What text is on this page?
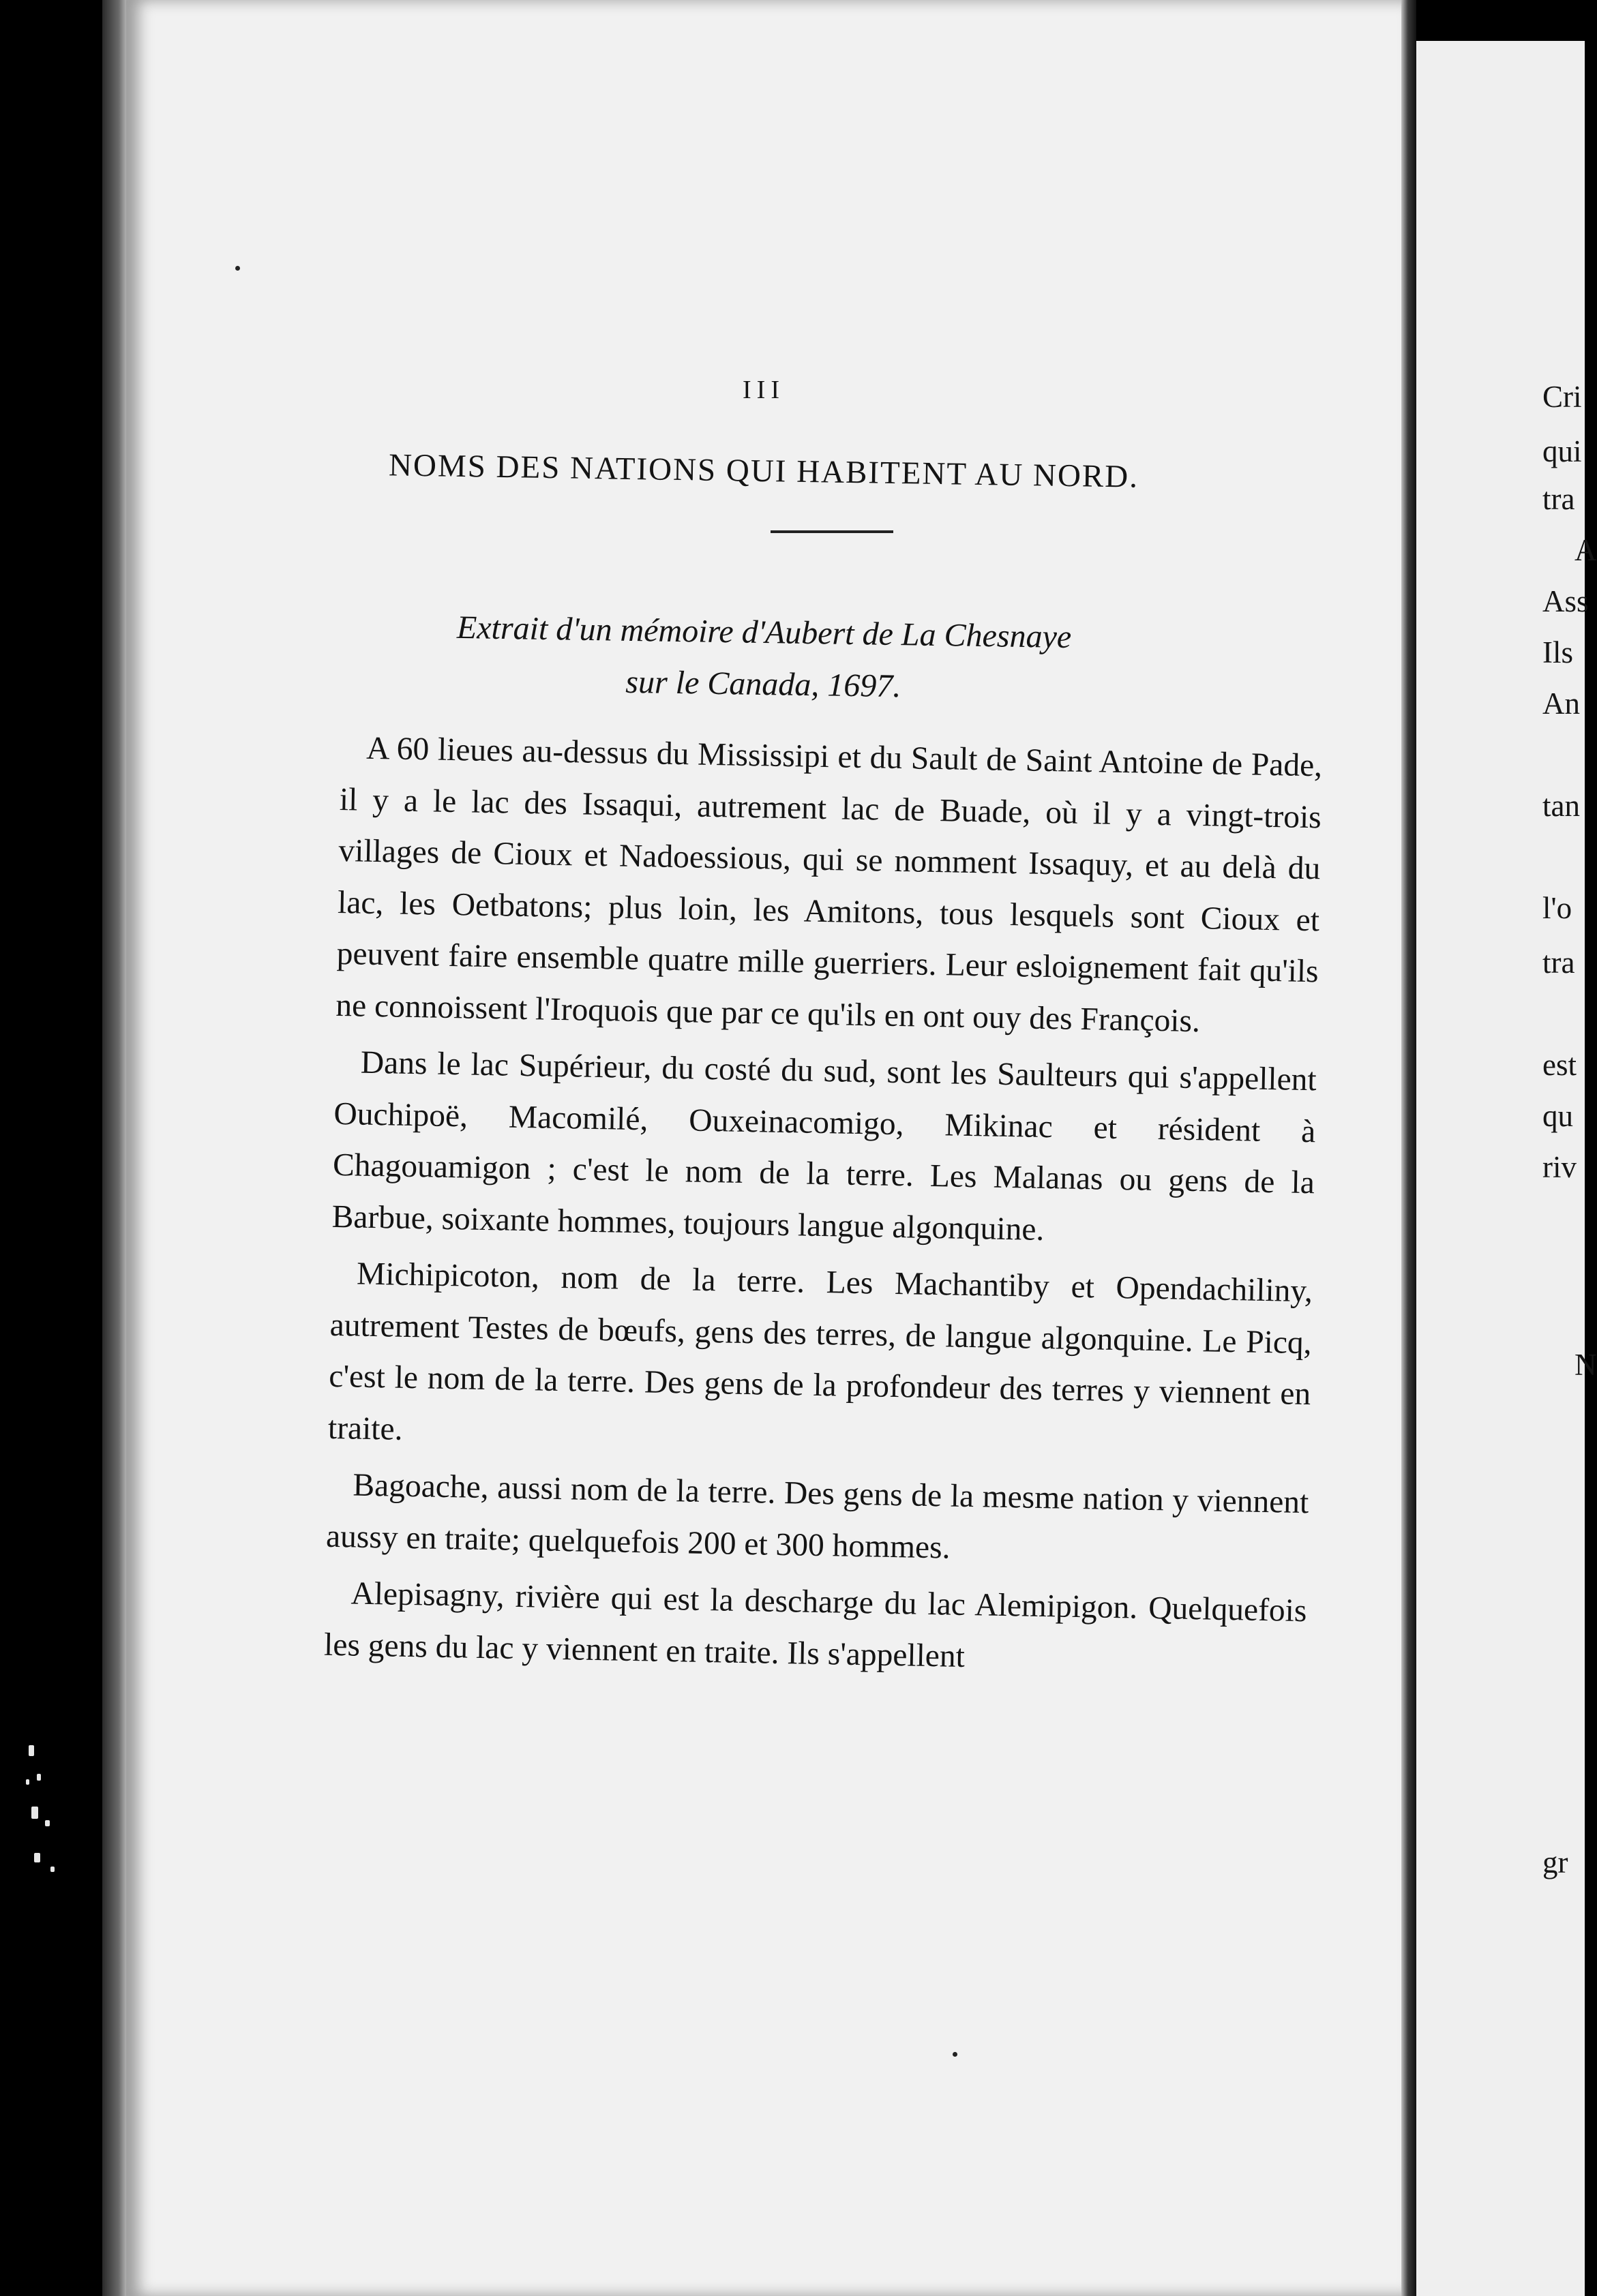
III
NOMS DES NATIONS QUI HABITENT AU NORD.
Extrait d'un mémoire d'Aubert de La Chesnaye
sur le Canada, 1697.

A 60 lieues au-dessus du Mississipi et du Sault de Saint Antoine de Pade, il y a le lac des Issaqui, autrement lac de Buade, où il y a vingt-trois villages de Cioux et Nadoessious, qui se nomment Issaquy, et au delà du lac, les Oetbatons; plus loin, les Amitons, tous lesquels sont Cioux et peuvent faire ensemble quatre mille guerriers. Leur esloignement fait qu'ils ne connoissent l'Iroquois que par ce qu'ils en ont ouy des François.

Dans le lac Supérieur, du costé du sud, sont les Saulteurs qui s'appellent Ouchipoë, Macomilé, Ouxeinacomigo, Mikinac et résident à Chagouamigon ; c'est le nom de la terre. Les Malanas ou gens de la Barbue, soixante hommes, toujours langue algonquine.

Michipicoton, nom de la terre. Les Machantiby et Opendachiliny, autrement Testes de bœufs, gens des terres, de langue algonquine. Le Picq, c'est le nom de la terre. Des gens de la profondeur des terres y viennent en traite.

Bagoache, aussi nom de la terre. Des gens de la mesme nation y viennent aussy en traite; quelquefois 200 et 300 hommes.

Alepisagny, rivière qui est la descharge du lac Alemipigon. Quelquefois les gens du lac y viennent en traite. Ils s'appellent

Cri
qui
tra
A
Ass
Ils
An
tan
l'o
tra
est
qu
riv
N
gr
